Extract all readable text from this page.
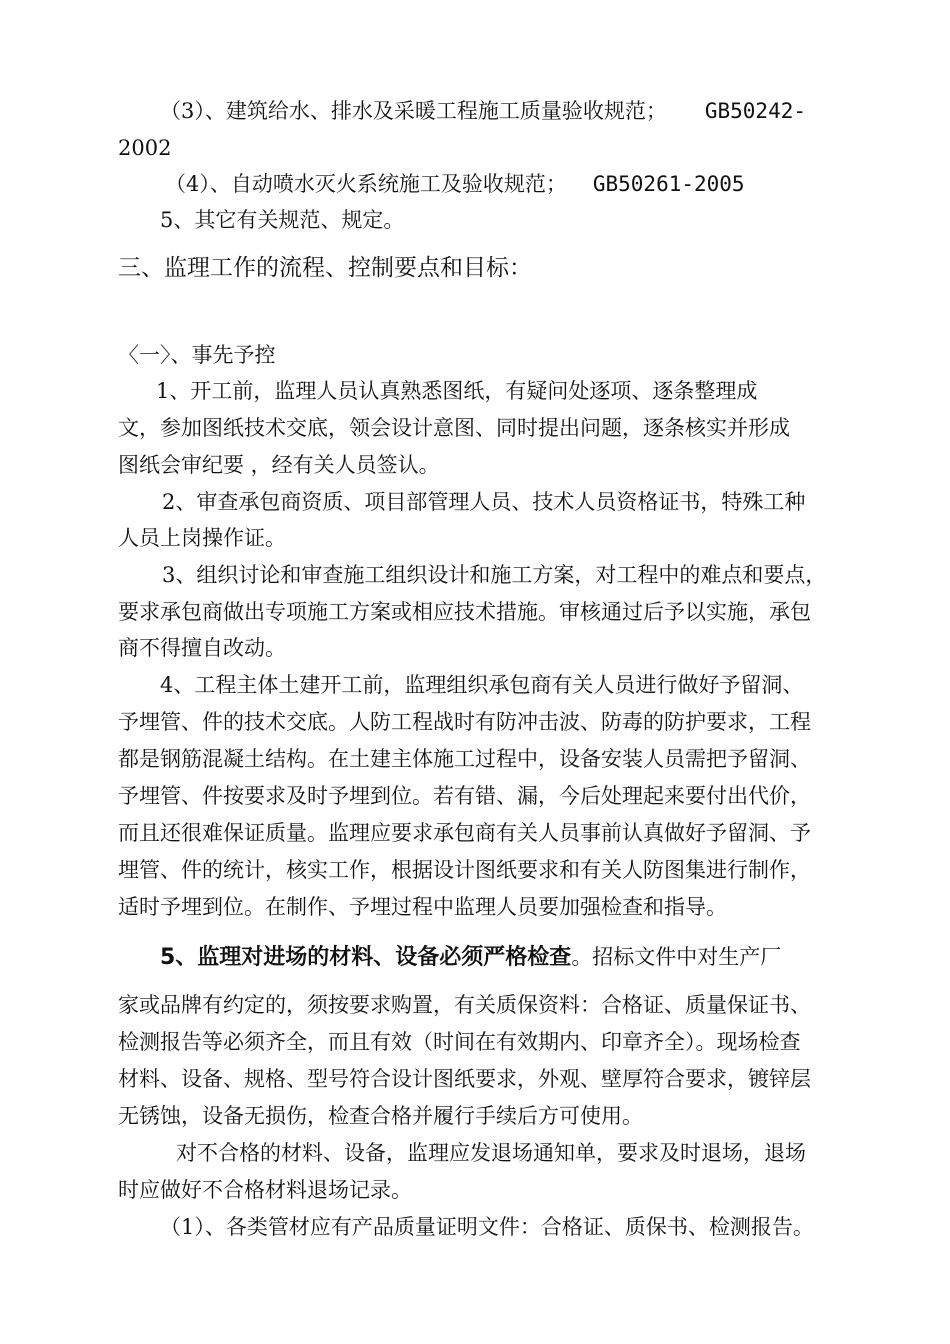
（3）、建筑给水、排水及采暖工程施工质量验收规范； GB50242-

2002

（4）、自动喷水灭火系统施工及验收规范； GB50261-2005

5、其它有关规范、规定。

三、监理工作的流程、控制要点和目标：

〈一〉、事先予控

1、开工前，监理人员认真熟悉图纸，有疑问处逐项、逐条整理成

文，参加图纸技术交底，领会设计意图、同时提出问题，逐条核实并形成

图纸会审纪要 ，经有关人员签认。

2、审查承包商资质、项目部管理人员、技术人员资格证书，特殊工种

人员上岗操作证。

3、组织讨论和审查施工组织设计和施工方案，对工程中的难点和要点，

要求承包商做出专项施工方案或相应技术措施。审核通过后予以实施，承包

商不得擅自改动。

4、工程主体土建开工前，监理组织承包商有关人员进行做好予留洞、

予埋管、件的技术交底。人防工程战时有防冲击波、防毒的防护要求，工程

都是钢筋混凝土结构。在土建主体施工过程中，设备安装人员需把予留洞、

予埋管、件按要求及时予埋到位。若有错、漏，今后处理起来要付出代价，

而且还很难保证质量。监理应要求承包商有关人员事前认真做好予留洞、予

埋管、件的统计，核实工作，根据设计图纸要求和有关人防图集进行制作，

适时予埋到位。在制作、予埋过程中监理人员要加强检查和指导。

5、监理对进场的材料、设备必须严格检查。招标文件中对生产厂

家或品牌有约定的，须按要求购置，有关质保资料：合格证、质量保证书、

检测报告等必须齐全，而且有效（时间在有效期内、印章齐全）。现场检查

材料、设备、规格、型号符合设计图纸要求，外观、壁厚符合要求，镀锌层

无锈蚀，设备无损伤，检查合格并履行手续后方可使用。

对不合格的材料、设备，监理应发退场通知单，要求及时退场，退场

时应做好不合格材料退场记录。

（1）、各类管材应有产品质量证明文件：合格证、质保书、检测报告。
